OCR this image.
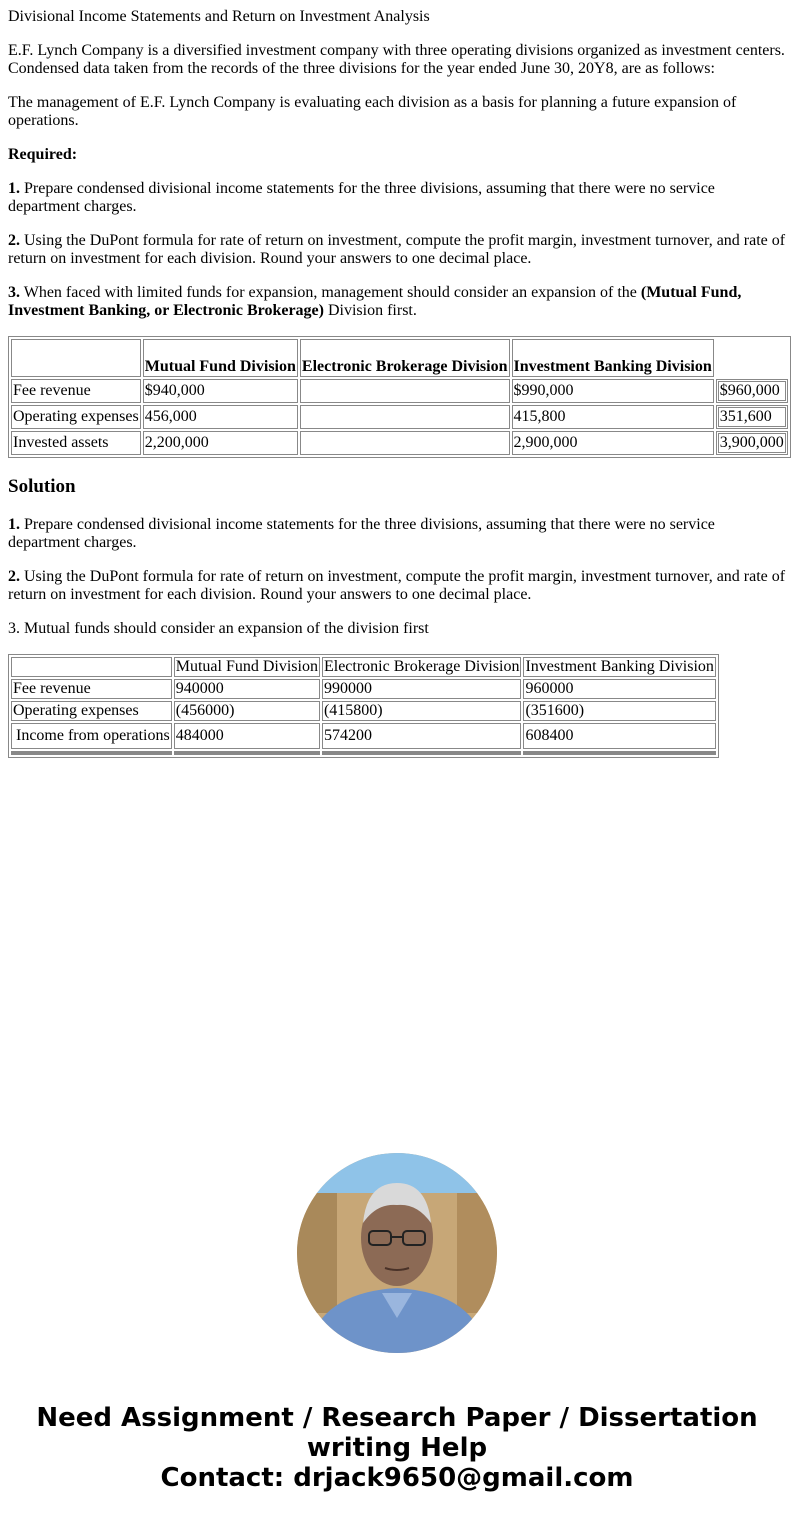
Divisional Income Statements and Return on Investment Analysis

E.F. Lynch Company is a diversified investment company with three operating divisions organized as investment centers. Condensed data taken from the records of the three divisions for the year ended June 30, 20Y8, are as follows:

The management of E.F. Lynch Company is evaluating each division as a basis for planning a future expansion of operations.

Required:

1. Prepare condensed divisional income statements for the three divisions, assuming that there were no service department charges.

2. Using the DuPont formula for rate of return on investment, compute the profit margin, investment turnover, and rate of return on investment for each division. Round your answers to one decimal place.

3. When faced with limited funds for expansion, management should consider an expansion of the (Mutual Fund, Investment Banking, or Electronic Brokerage) Division first.

	Mutual Fund Division	Electronic Brokerage Division	Investment Banking Division	
Fee revenue	$940,000		$990,000	$960,000
Operating expenses	456,000		415,800	351,600
Invested assets	2,200,000		2,900,000	3,900,000
Solution

1. Prepare condensed divisional income statements for the three divisions, assuming that there were no service department charges.

2. Using the DuPont formula for rate of return on investment, compute the profit margin, investment turnover, and rate of return on investment for each division. Round your answers to one decimal place.

3. Mutual funds should consider an expansion of the division first

	Mutual Fund Division	Electronic Brokerage Division	Investment Banking Division
Fee revenue	940000	990000	960000
Operating expenses	(456000)	(415800)	(351600)
Income from operations	484000	574200	608400

Need Assignment / Research Paper / Dissertation writing Help
Contact: drjack9650@gmail.com
